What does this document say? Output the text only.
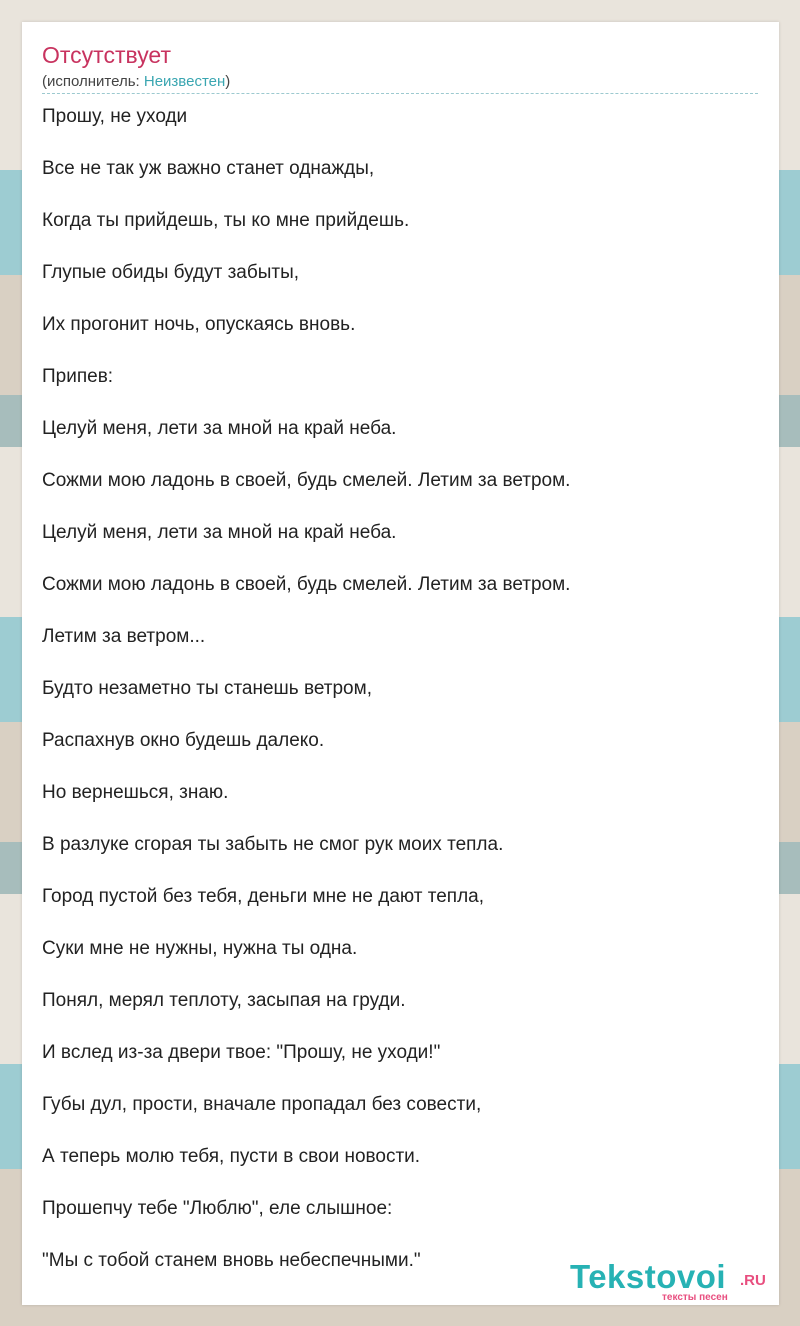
Отсутствует
(исполнитель: Неизвестен)
Прошу, не уходи
Все не так уж важно станет однажды,
Когда ты прийдешь, ты ко мне прийдешь.
Глупые обиды будут забыты,
Их прогонит ночь, опускаясь вновь.
Припев:
Целуй меня, лети за мной на край неба.
Сожми мою ладонь в своей, будь смелей. Летим за ветром.
Целуй меня, лети за мной на край неба.
Сожми мою ладонь в своей, будь смелей. Летим за ветром.
Летим за ветром...
Будто незаметно ты станешь ветром,
Распахнув окно будешь далеко.
Но вернешься, знаю.
В разлуке сгорая ты забыть не смог рук моих тепла.
Город пустой без тебя, деньги мне не дают тепла,
Суки мне не нужны, нужна ты одна.
Понял, мерял теплоту, засыпая на груди.
И вслед из-за двери твое: "Прошу, не уходи!"
Губы дул, прости, вначале пропадал без совести,
А теперь молю тебя, пусти в свои новости.
Прошепчу тебе "Люблю", еле слышное:
"Мы с тобой станем вновь небеспечными."	Tekstovoi .RU
тексты песен
